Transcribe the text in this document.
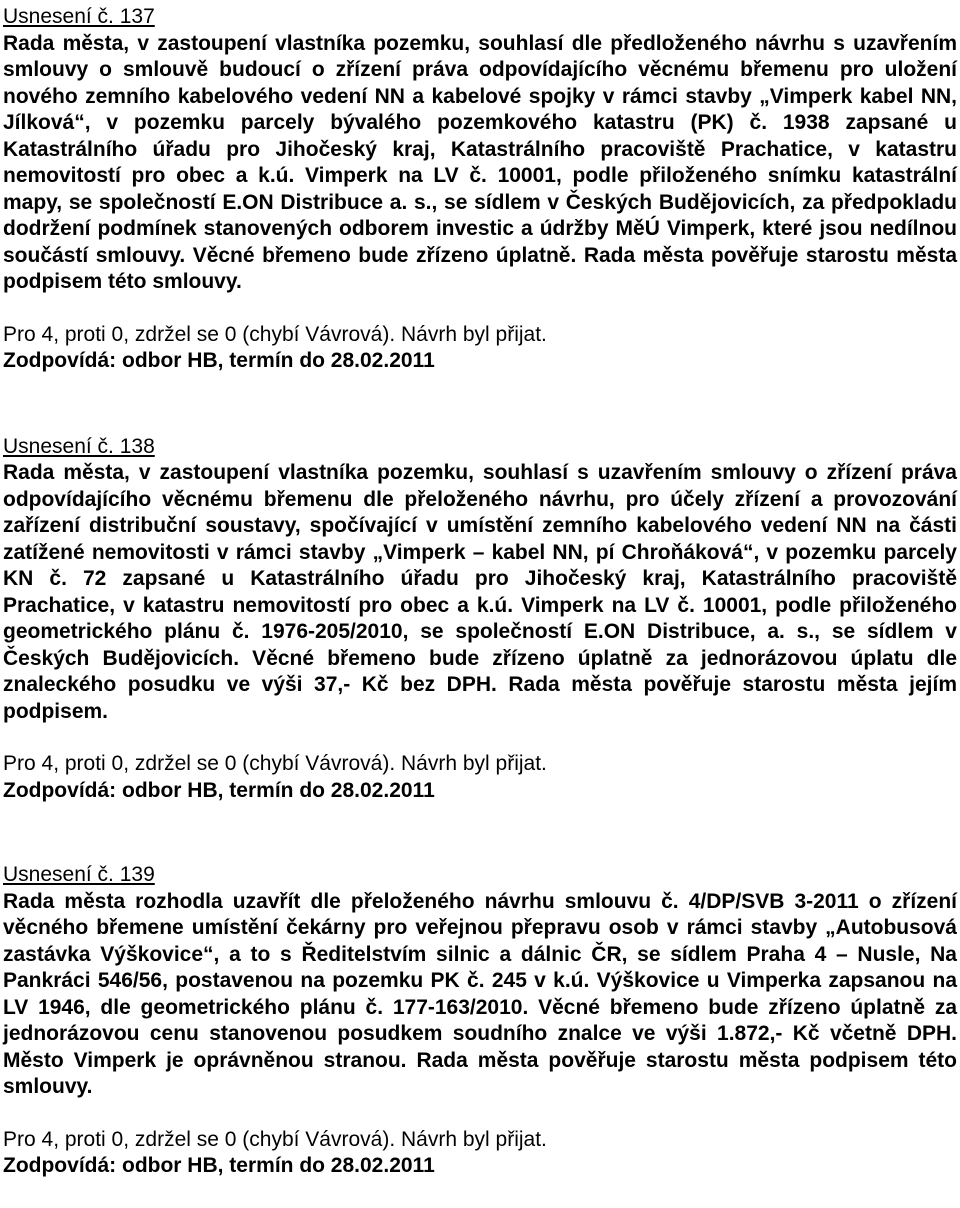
Usnesení č. 137

Rada města, v zastoupení vlastníka pozemku, souhlasí dle předloženého návrhu s uzavřením smlouvy o smlouvě budoucí o zřízení práva odpovídajícího věcnému břemenu pro uložení nového zemního kabelového vedení NN a kabelové spojky v rámci stavby „Vimperk kabel NN, Jílková“, v pozemku parcely bývalého pozemkového katastru (PK) č. 1938 zapsané u Katastrálního úřadu pro Jihočeský kraj, Katastrálního pracoviště Prachatice, v katastru nemovitostí pro obec a k.ú. Vimperk na LV č. 10001, podle přiloženého snímku katastrální mapy, se společností E.ON Distribuce a. s., se sídlem v Českých Budějovicích, za předpokladu dodržení podmínek stanovených odborem investic a údržby MěÚ Vimperk, které jsou nedílnou součástí smlouvy. Věcné břemeno bude zřízeno úplatně. Rada města pověřuje starostu města podpisem této smlouvy.

Pro 4, proti 0, zdržel se 0 (chybí Vávrová). Návrh byl přijat.
Zodpovídá: odbor HB, termín do 28.02.2011
Usnesení č. 138

Rada města, v zastoupení vlastníka pozemku, souhlasí s uzavřením smlouvy o zřízení práva odpovídajícího věcnému břemenu dle přeloženého návrhu, pro účely zřízení a provozování zařízení distribuční soustavy, spočívající v umístění zemního kabelového vedení NN na části zatížené nemovitosti v rámci stavby „Vimperk – kabel NN, pí Chroňáková“, v pozemku parcely KN č. 72 zapsané u Katastrálního úřadu pro Jihočeský kraj, Katastrálního pracoviště Prachatice, v katastru nemovitostí pro obec a k.ú. Vimperk na LV č. 10001, podle přiloženého geometrického plánu č. 1976-205/2010, se společností E.ON Distribuce, a. s., se sídlem v Českých Budějovicích. Věcné břemeno bude zřízeno úplatně za jednorázovou úplatu dle znaleckého posudku ve výši 37,- Kč bez DPH. Rada města pověřuje starostu města jejím podpisem.

Pro 4, proti 0, zdržel se 0 (chybí Vávrová). Návrh byl přijat.
Zodpovídá: odbor HB, termín do 28.02.2011
Usnesení č. 139

Rada města rozhodla uzavřít dle přeloženého návrhu smlouvu č. 4/DP/SVB 3-2011 o zřízení věcného břemene umístění čekárny pro veřejnou přepravu osob v rámci stavby „Autobusová zastávka Výškovice“, a to s Ředitelstvím silnic a dálnic ČR, se sídlem Praha 4 – Nusle, Na Pankráci 546/56, postavenou na pozemku PK č. 245 v k.ú. Výškovice u Vimperka zapsanou na LV 1946, dle geometrického plánu č. 177-163/2010. Věcné břemeno bude zřízeno úplatně za jednorázovou cenu stanovenou posudkem soudního znalce ve výši 1.872,- Kč včetně DPH. Město Vimperk je oprávněnou stranou. Rada města pověřuje starostu města podpisem této smlouvy.

Pro 4, proti 0, zdržel se 0 (chybí Vávrová). Návrh byl přijat.
Zodpovídá: odbor HB, termín do 28.02.2011
